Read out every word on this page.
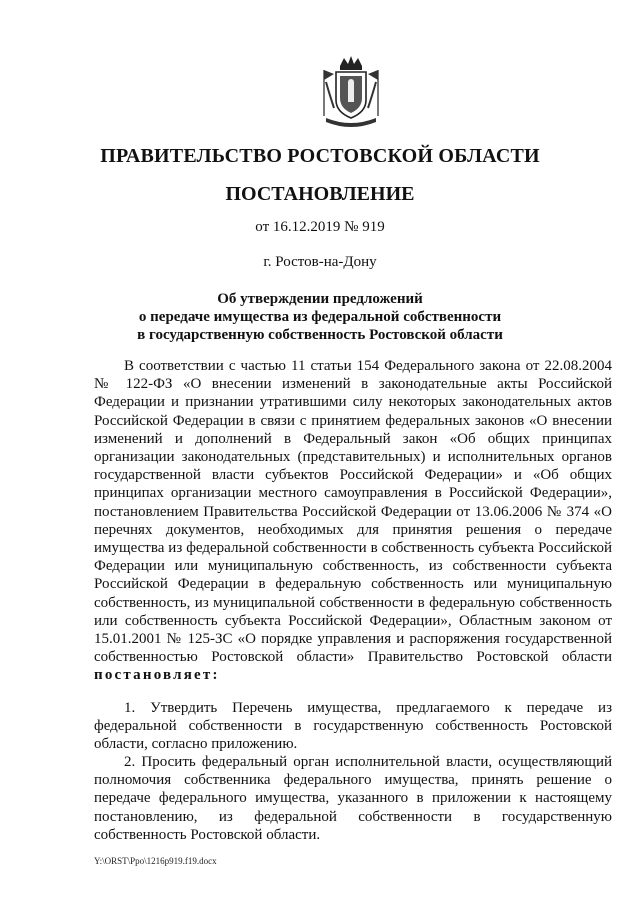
ПРАВИТЕЛЬСТВО РОСТОВСКОЙ ОБЛАСТИ
ПОСТАНОВЛЕНИЕ
от 16.12.2019 № 919
г. Ростов-на-Дону
Об утверждении предложений
о передаче имущества из федеральной собственности
в государственную собственность Ростовской области
В соответствии с частью 11 статьи 154 Федерального закона от 22.08.2004 № 122-ФЗ «О внесении изменений в законодательные акты Российской Федерации и признании утратившими силу некоторых законодательных актов Российской Федерации в связи с принятием федеральных законов «О внесении изменений и дополнений в Федеральный закон «Об общих принципах организации законодательных (представительных) и исполнительных органов государственной власти субъектов Российской Федерации» и «Об общих принципах организации местного самоуправления в Российской Федерации», постановлением Правительства Российской Федерации от 13.06.2006 № 374 «О перечнях документов, необходимых для принятия решения о передаче имущества из федеральной собственности в собственность субъекта Российской Федерации или муниципальную собственность, из собственности субъекта Российской Федерации в федеральную собственность или муниципальную собственность, из муниципальной собственности в федеральную собственность или собственность субъекта Российской Федерации», Областным законом от 15.01.2001 № 125-ЗС «О порядке управления и распоряжения государственной собственностью Ростовской области» Правительство Ростовской области постановляет:
1. Утвердить Перечень имущества, предлагаемого к передаче из федеральной собственности в государственную собственность Ростовской области, согласно приложению.
2. Просить федеральный орган исполнительной власти, осуществляющий полномочия собственника федерального имущества, принять решение о передаче федерального имущества, указанного в приложении к настоящему постановлению, из федеральной собственности в государственную собственность Ростовской области.
Y:\ORST\Ppo\1216p919.f19.docx
